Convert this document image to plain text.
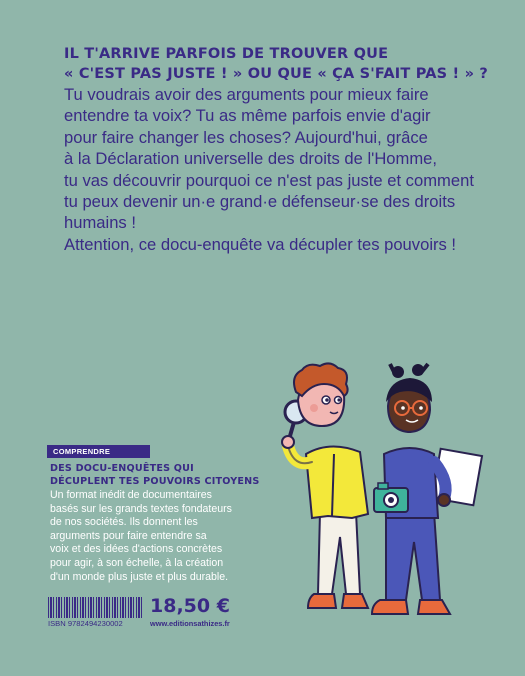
IL T'ARRIVE PARFOIS DE TROUVER QUE
« C'EST PAS JUSTE ! » OU QUE « ÇA S'FAIT PAS ! » ?

Tu voudrais avoir des arguments pour mieux faire

entendre ta voix? Tu as même parfois envie d'agir

pour faire changer les choses? Aujourd'hui, grâce

à la Déclaration universelle des droits de l'Homme,

tu vas découvrir pourquoi ce n'est pas juste et comment

tu peux devenir un·e grand·e défenseur·se des droits

humains !

Attention, ce docu-enquête va décupler tes pouvoirs !

COMPRENDRE
DES DOCU-ENQUÊTES QUI
DÉCUPLENT TES POUVOIRS CITOYENS
Un format inédit de documentaires
basés sur les grands textes fondateurs
de nos sociétés. Ils donnent les
arguments pour faire entendre sa
voix et des idées d'actions concrètes
pour agir, à son échelle, à la création
d'un monde plus juste et plus durable.
ISBN 9782494230002
18,50 €
www.editionsathizes.fr
